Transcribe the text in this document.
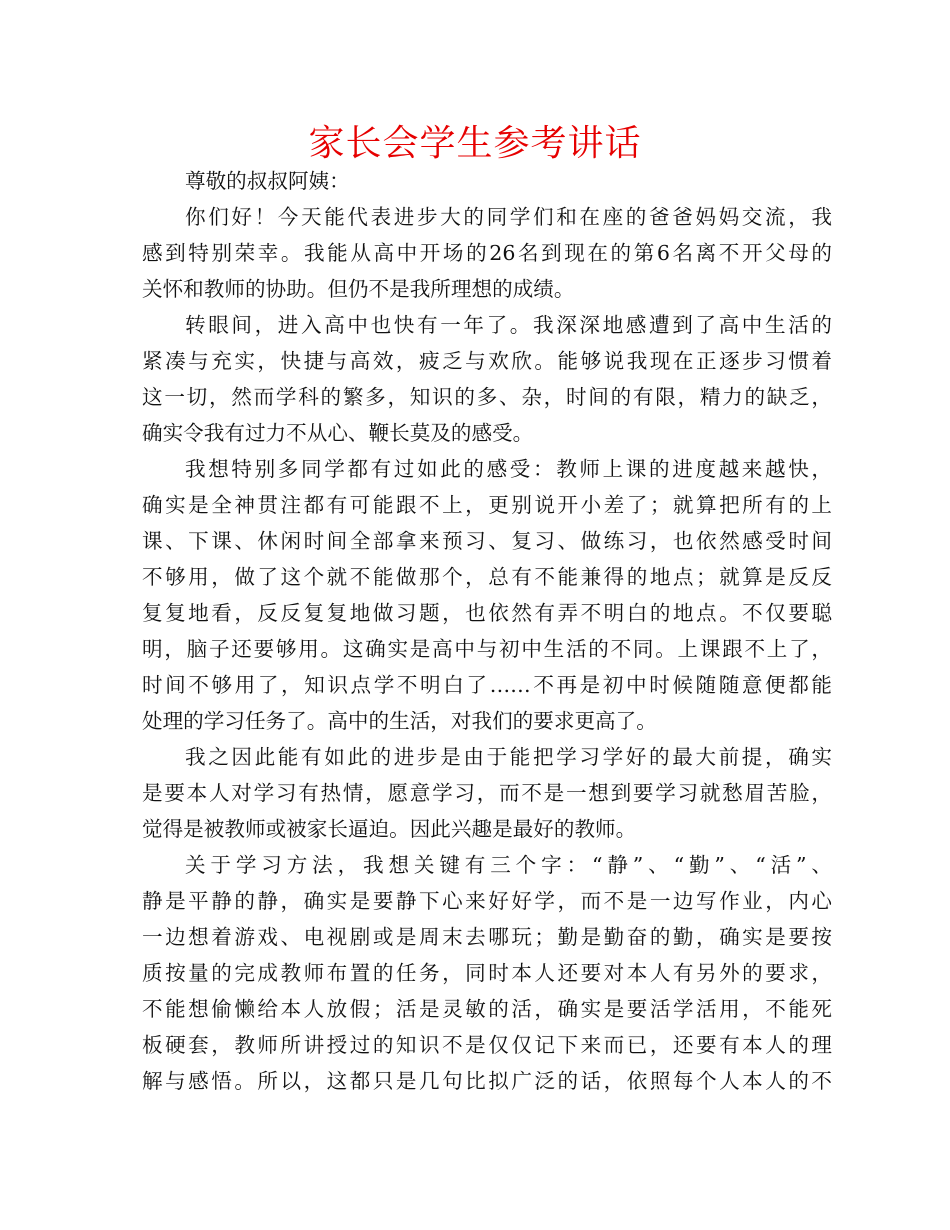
家长会学生参考讲话
尊敬的叔叔阿姨：
你们好！今天能代表进步大的同学们和在座的爸爸妈妈交流，我
感到特别荣幸。我能从高中开场的26名到现在的第6名离不开父母的
关怀和教师的协助。但仍不是我所理想的成绩。
转眼间，进入高中也快有一年了。我深深地感遭到了高中生活的
紧凑与充实，快捷与高效，疲乏与欢欣。能够说我现在正逐步习惯着
这一切，然而学科的繁多，知识的多、杂，时间的有限，精力的缺乏，
确实令我有过力不从心、鞭长莫及的感受。
我想特别多同学都有过如此的感受：教师上课的进度越来越快，
确实是全神贯注都有可能跟不上，更别说开小差了；就算把所有的上
课、下课、休闲时间全部拿来预习、复习、做练习，也依然感受时间
不够用，做了这个就不能做那个，总有不能兼得的地点；就算是反反
复复地看，反反复复地做习题，也依然有弄不明白的地点。不仅要聪
明，脑子还要够用。这确实是高中与初中生活的不同。上课跟不上了，
时间不够用了，知识点学不明白了……不再是初中时候随随意便都能
处理的学习任务了。高中的生活，对我们的要求更高了。
我之因此能有如此的进步是由于能把学习学好的最大前提，确实
是要本人对学习有热情，愿意学习，而不是一想到要学习就愁眉苦脸，
觉得是被教师或被家长逼迫。因此兴趣是最好的教师。
关于学习方法，我想关键有三个字：“静”、“勤”、“活”、
静是平静的静，确实是要静下心来好好学，而不是一边写作业，内心
一边想着游戏、电视剧或是周末去哪玩；勤是勤奋的勤，确实是要按
质按量的完成教师布置的任务，同时本人还要对本人有另外的要求，
不能想偷懒给本人放假；活是灵敏的活，确实是要活学活用，不能死
板硬套，教师所讲授过的知识不是仅仅记下来而已，还要有本人的理
解与感悟。所以，这都只是几句比拟广泛的话，依照每个人本人的不
